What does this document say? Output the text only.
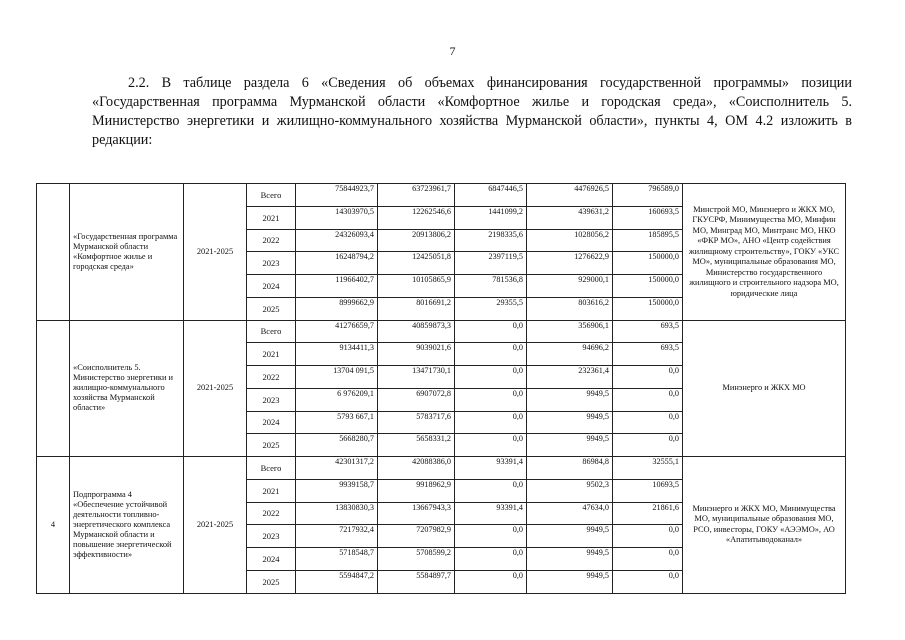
7
2.2. В таблице раздела 6 «Сведения об объемах финансирования государственной программы» позиции «Государственная программа Мурманской области «Комфортное жилье и городская среда», «Соисполнитель 5. Министерство энергетики и жилищно-коммунального хозяйства Мурманской области», пункты 4, ОМ 4.2 изложить в редакции:
	«Государственная программа Мурманской области «Комфортное жилье и городская среда»	2021-2025	Всего	75844923,7	63723961,7	6847446,5	4476926,5	796589,0	Минстрой МО, Минэнерго и ЖКХ МО, ГКУСРФ, Минимущества МО, Минфин МО, Минград МО, Минтранс МО, НКО «ФКР МО», АНО «Центр содействия жилищному строительству», ГОКУ «УКС МО», муниципальные образования МО, Министерство государственного жилищного и строительного надзора МО, юридические лица
			2021	14303970,5	12262546,6	1441099,2	439631,2	160693,5	
			2022	24326093,4	20913806,2	2198335,6	1028056,2	185895,5	
			2023	16248794,2	12425051,8	2397119,5	1276622,9	150000,0	
			2024	11966402,7	10105865,9	781536,8	929000,1	150000,0	
			2025	8999662,9	8016691,2	29355,5	803616,2	150000,0	
	«Соисполнитель 5. Министерство энергетики и жилищно-коммунального хозяйства Мурманской области»	2021-2025	Всего	41276659,7	40859873,3	0,0	356906,1	693,5	Минэнерго и ЖКХ МО
			2021	9134411,3	9039021,6	0,0	94696,2	693,5	
			2022	13704 091,5	13471730,1	0,0	232361,4	0,0	
			2023	6 976209,1	6907072,8	0,0	9949,5	0,0	
			2024	5793 667,1	5783717,6	0,0	9949,5	0,0	
			2025	5668280,7	5658331,2	0,0	9949,5	0,0	
4	Подпрограмма 4 «Обеспечение устойчивой деятельности топливно-энергетического комплекса Мурманской области и повышение энергетической эффективности»	2021-2025	Всего	42301317,2	42088386,0	93391,4	86984,8	32555,1	Минэнерго и ЖКХ МО, Минимущества МО, муниципальные образования МО, РСО, инвесторы, ГОКУ «АЭЭМО», АО «Апатитыводоканал»
			2021	9939158,7	9918962,9	0,0	9502,3	10693,5	
			2022	13830830,3	13667943,3	93391,4	47634,0	21861,6	
			2023	7217932,4	7207982,9	0,0	9949,5	0,0	
			2024	5718548,7	5708599,2	0,0	9949,5	0,0	
			2025	5594847,2	5584897,7	0,0	9949,5	0,0	
